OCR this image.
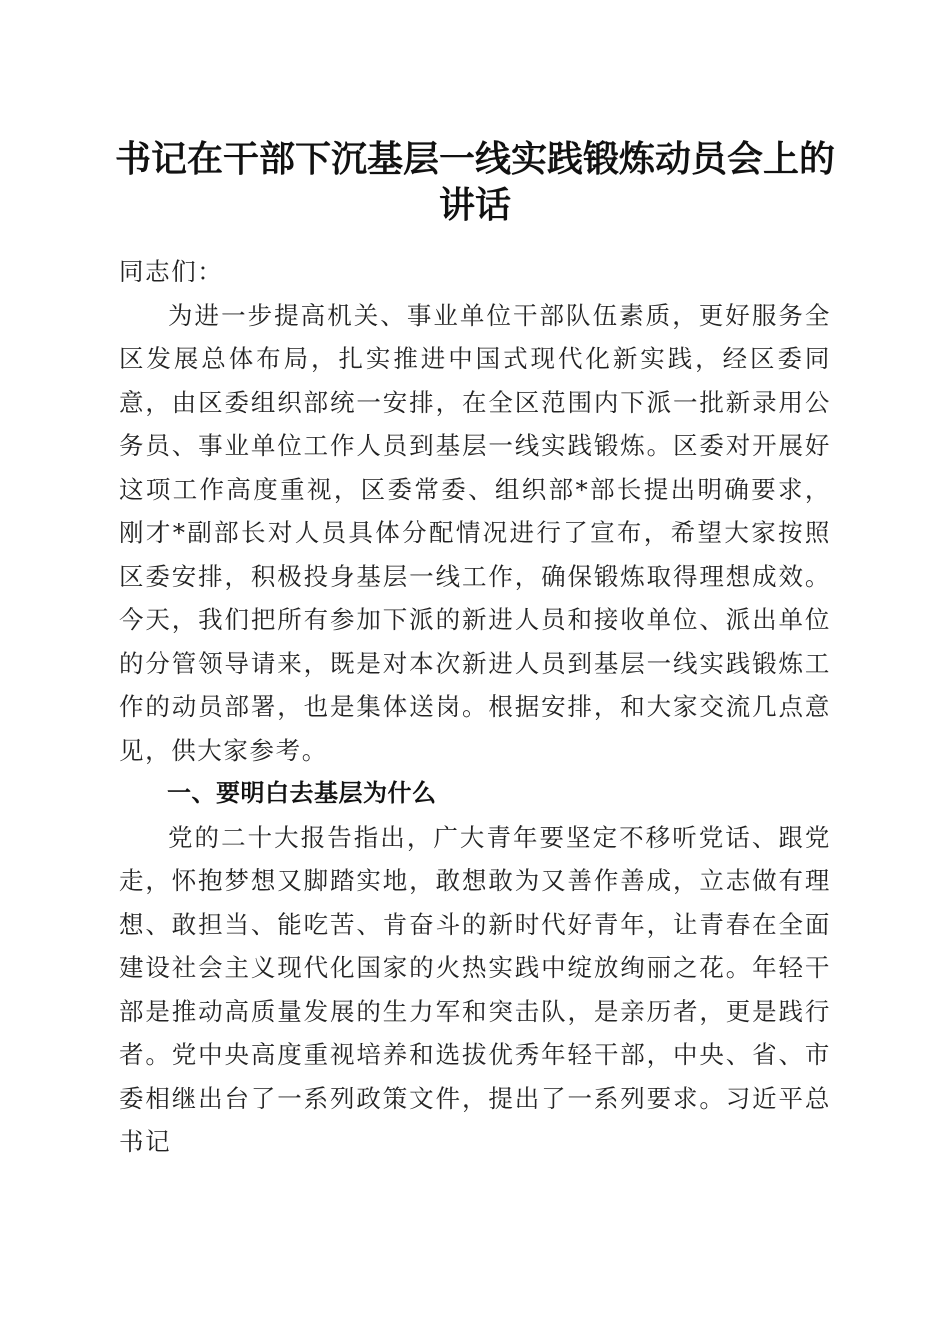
书记在干部下沉基层一线实践锻炼动员会上的讲话

同志们：

为进一步提高机关、事业单位干部队伍素质，更好服务全区发展总体布局，扎实推进中国式现代化新实践，经区委同意，由区委组织部统一安排，在全区范围内下派一批新录用公务员、事业单位工作人员到基层一线实践锻炼。区委对开展好这项工作高度重视，区委常委、组织部*部长提出明确要求，刚才*副部长对人员具体分配情况进行了宣布，希望大家按照区委安排，积极投身基层一线工作，确保锻炼取得理想成效。今天，我们把所有参加下派的新进人员和接收单位、派出单位的分管领导请来，既是对本次新进人员到基层一线实践锻炼工作的动员部署，也是集体送岗。根据安排，和大家交流几点意见，供大家参考。

一、要明白去基层为什么

党的二十大报告指出，广大青年要坚定不移听党话、跟党走，怀抱梦想又脚踏实地，敢想敢为又善作善成，立志做有理想、敢担当、能吃苦、肯奋斗的新时代好青年，让青春在全面建设社会主义现代化国家的火热实践中绽放绚丽之花。年轻干部是推动高质量发展的生力军和突击队，是亲历者，更是践行者。党中央高度重视培养和选拔优秀年轻干部，中央、省、市委相继出台了一系列政策文件，提出了一系列要求。习近平总书记
